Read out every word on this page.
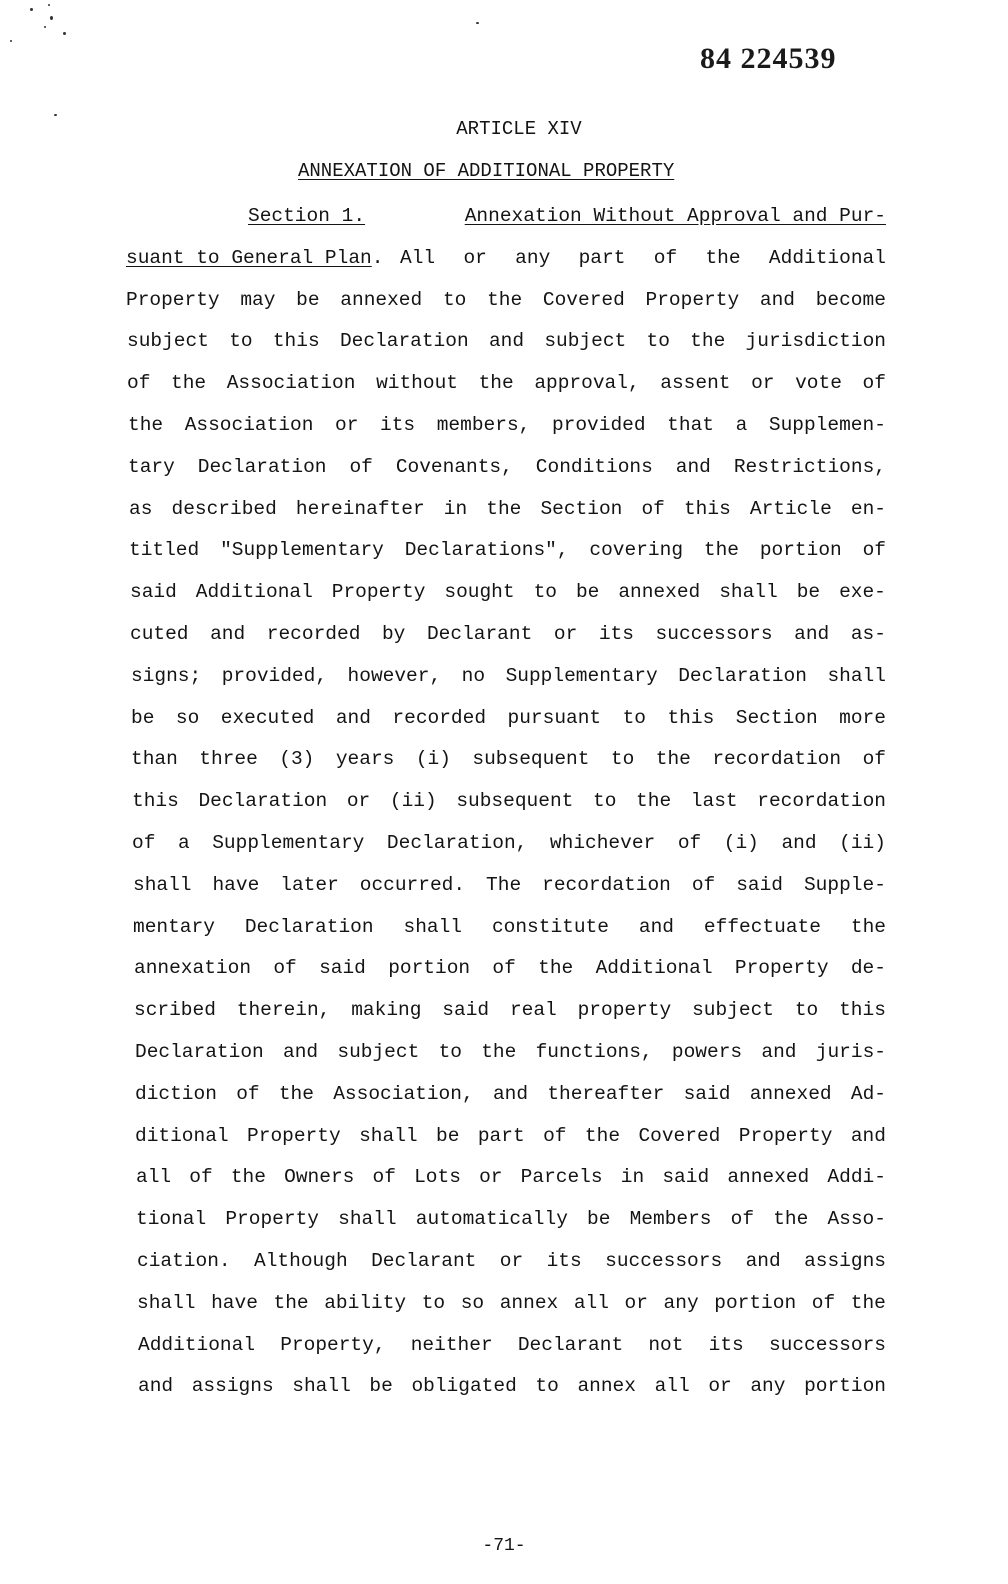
84 224539
ARTICLE XIV
ANNEXATION OF ADDITIONAL PROPERTY
Section 1.	Annexation Without Approval and Pur-
suant to General Plan. All or any part of the Additional
Property may be annexed to the Covered Property and become
subject to this Declaration and subject to the jurisdiction
of the Association without the approval, assent or vote of
the Association or its members, provided that a Supplemen-
tary Declaration of Covenants, Conditions and Restrictions,
as described hereinafter in the Section of this Article en-
titled "Supplementary Declarations", covering the portion of
said Additional Property sought to be annexed shall be exe-
cuted and recorded by Declarant or its successors and as-
signs; provided, however, no Supplementary Declaration shall
be so executed and recorded pursuant to this Section more
than three (3) years (i) subsequent to the recordation of
this Declaration or (ii) subsequent to the last recordation
of a Supplementary Declaration, whichever of (i) and (ii)
shall have later occurred. The recordation of said Supple-
mentary Declaration shall constitute and effectuate the
annexation of said portion of the Additional Property de-
scribed therein, making said real property subject to this
Declaration and subject to the functions, powers and juris-
diction of the Association, and thereafter said annexed Ad-
ditional Property shall be part of the Covered Property and
all of the Owners of Lots or Parcels in said annexed Addi-
tional Property shall automatically be Members of the Asso-
ciation. Although Declarant or its successors and assigns
shall have the ability to so annex all or any portion of the
Additional Property, neither Declarant not its successors
and assigns shall be obligated to annex all or any portion
-71-
